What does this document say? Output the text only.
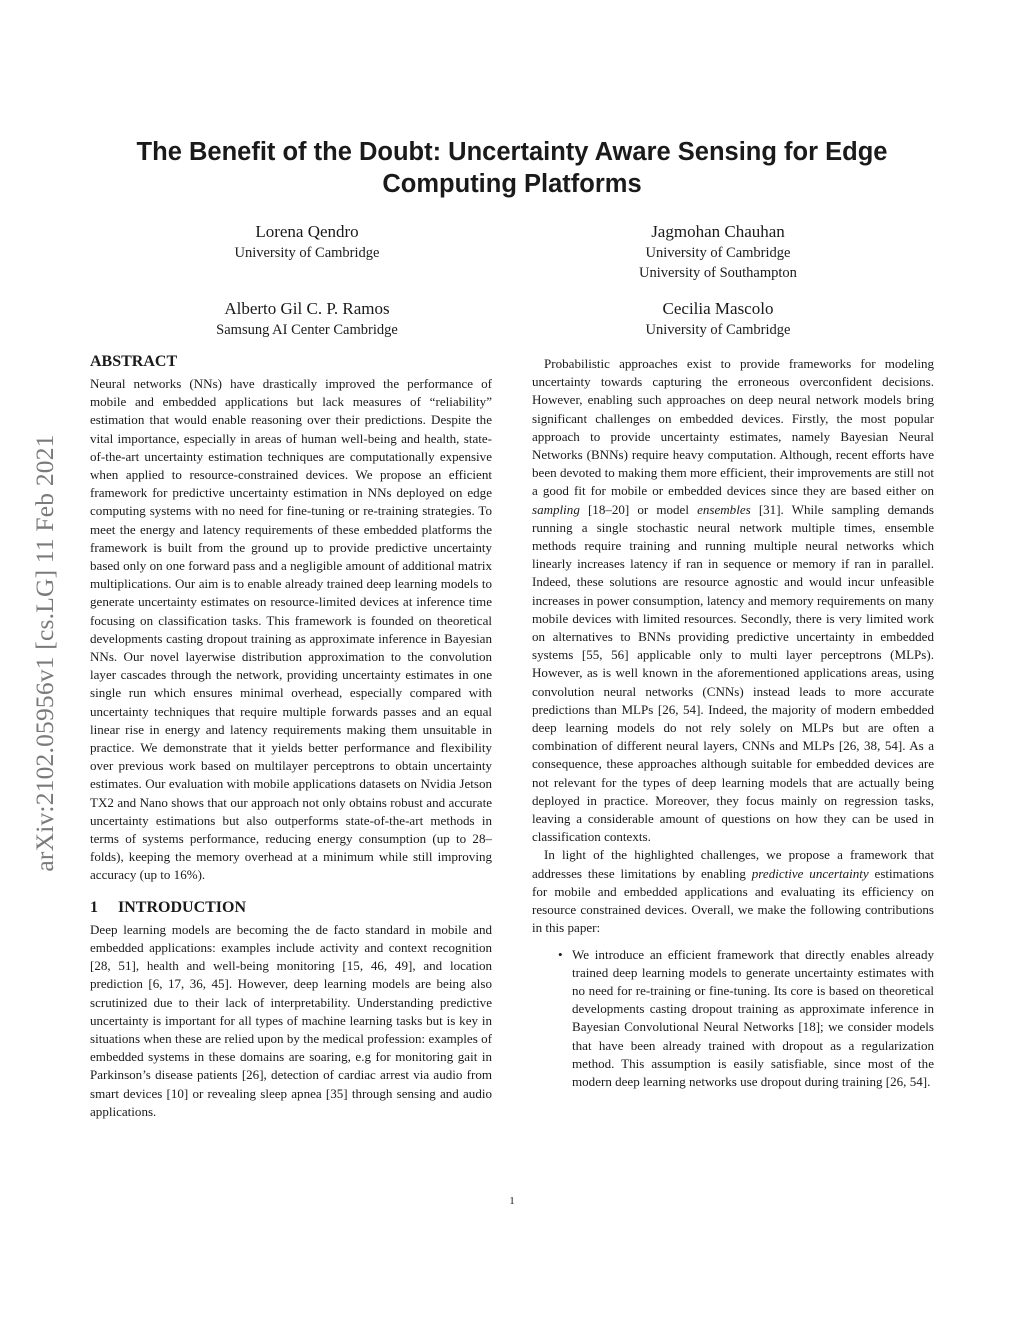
arXiv:2102.05956v1 [cs.LG] 11 Feb 2021
The Benefit of the Doubt: Uncertainty Aware Sensing for Edge Computing Platforms
Lorena Qendro
University of Cambridge
Jagmohan Chauhan
University of Cambridge
University of Southampton
Alberto Gil C. P. Ramos
Samsung AI Center Cambridge
Cecilia Mascolo
University of Cambridge
ABSTRACT

Neural networks (NNs) have drastically improved the performance of mobile and embedded applications but lack measures of “reliability” estimation that would enable reasoning over their predictions. Despite the vital importance, especially in areas of human well-being and health, state-of-the-art uncertainty estimation techniques are computationally expensive when applied to resource-constrained devices. We propose an efficient framework for predictive uncertainty estimation in NNs deployed on edge computing systems with no need for fine-tuning or re-training strategies. To meet the energy and latency requirements of these embedded platforms the framework is built from the ground up to provide predictive uncertainty based only on one forward pass and a negligible amount of additional matrix multiplications. Our aim is to enable already trained deep learning models to generate uncertainty estimates on resource-limited devices at inference time focusing on classification tasks. This framework is founded on theoretical developments casting dropout training as approximate inference in Bayesian NNs. Our novel layerwise distribution approximation to the convolution layer cascades through the network, providing uncertainty estimates in one single run which ensures minimal overhead, especially compared with uncertainty techniques that require multiple forwards passes and an equal linear rise in energy and latency requirements making them unsuitable in practice. We demonstrate that it yields better performance and flexibility over previous work based on multilayer perceptrons to obtain uncertainty estimates. Our evaluation with mobile applications datasets on Nvidia Jetson TX2 and Nano shows that our approach not only obtains robust and accurate uncertainty estimations but also outperforms state-of-the-art methods in terms of systems performance, reducing energy consumption (up to 28–folds), keeping the memory overhead at a minimum while still improving accuracy (up to 16%).

1 INTRODUCTION

Deep learning models are becoming the de facto standard in mobile and embedded applications: examples include activity and context recognition [28, 51], health and well-being monitoring [15, 46, 49], and location prediction [6, 17, 36, 45]. However, deep learning models are being also scrutinized due to their lack of interpretability. Understanding predictive uncertainty is important for all types of machine learning tasks but is key in situations when these are relied upon by the medical profession: examples of embedded systems in these domains are soaring, e.g for monitoring gait in Parkinson’s disease patients [26], detection of cardiac arrest via audio from smart devices [10] or revealing sleep apnea [35] through sensing and audio applications.

Probabilistic approaches exist to provide frameworks for modeling uncertainty towards capturing the erroneous overconfident decisions. However, enabling such approaches on deep neural network models bring significant challenges on embedded devices. Firstly, the most popular approach to provide uncertainty estimates, namely Bayesian Neural Networks (BNNs) require heavy computation. Although, recent efforts have been devoted to making them more efficient, their improvements are still not a good fit for mobile or embedded devices since they are based either on sampling [18–20] or model ensembles [31]. While sampling demands running a single stochastic neural network multiple times, ensemble methods require training and running multiple neural networks which linearly increases latency if ran in sequence or memory if ran in parallel. Indeed, these solutions are resource agnostic and would incur unfeasible increases in power consumption, latency and memory requirements on many mobile devices with limited resources. Secondly, there is very limited work on alternatives to BNNs providing predictive uncertainty in embedded systems [55, 56] applicable only to multi layer perceptrons (MLPs). However, as is well known in the aforementioned applications areas, using convolution neural networks (CNNs) instead leads to more accurate predictions than MLPs [26, 54]. Indeed, the majority of modern embedded deep learning models do not rely solely on MLPs but are often a combination of different neural layers, CNNs and MLPs [26, 38, 54]. As a consequence, these approaches although suitable for embedded devices are not relevant for the types of deep learning models that are actually being deployed in practice. Moreover, they focus mainly on regression tasks, leaving a considerable amount of questions on how they can be used in classification contexts.

In light of the highlighted challenges, we propose a framework that addresses these limitations by enabling predictive uncertainty estimations for mobile and embedded applications and evaluating its efficiency on resource constrained devices. Overall, we make the following contributions in this paper:

• We introduce an efficient framework that directly enables already trained deep learning models to generate uncertainty estimates with no need for re-training or fine-tuning. Its core is based on theoretical developments casting dropout training as approximate inference in Bayesian Convolutional Neural Networks [18]; we consider models that have been already trained with dropout as a regularization method. This assumption is easily satisfiable, since most of the modern deep learning networks use dropout during training [26, 54].
1
